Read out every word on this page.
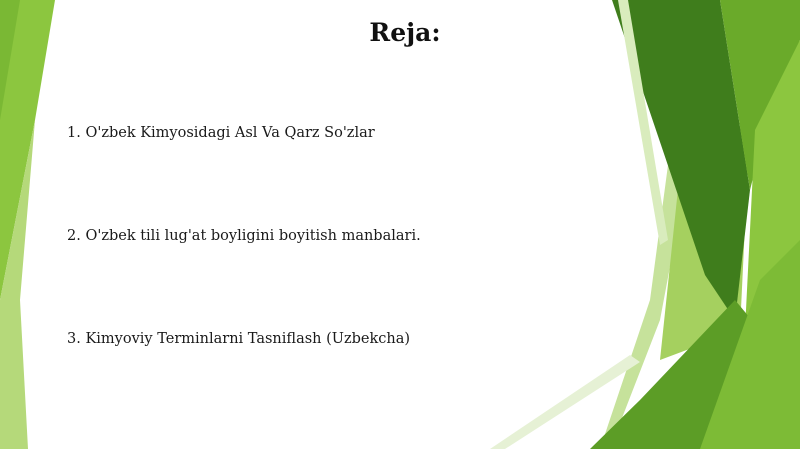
Reja:
1. O'zbek Kimyosidagi Asl Va Qarz So'zlar
2. O'zbek tili lug'at boyligini boyitish manbalari.
3. Kimyoviy Terminlarni Tasniflash (Uzbekcha)
